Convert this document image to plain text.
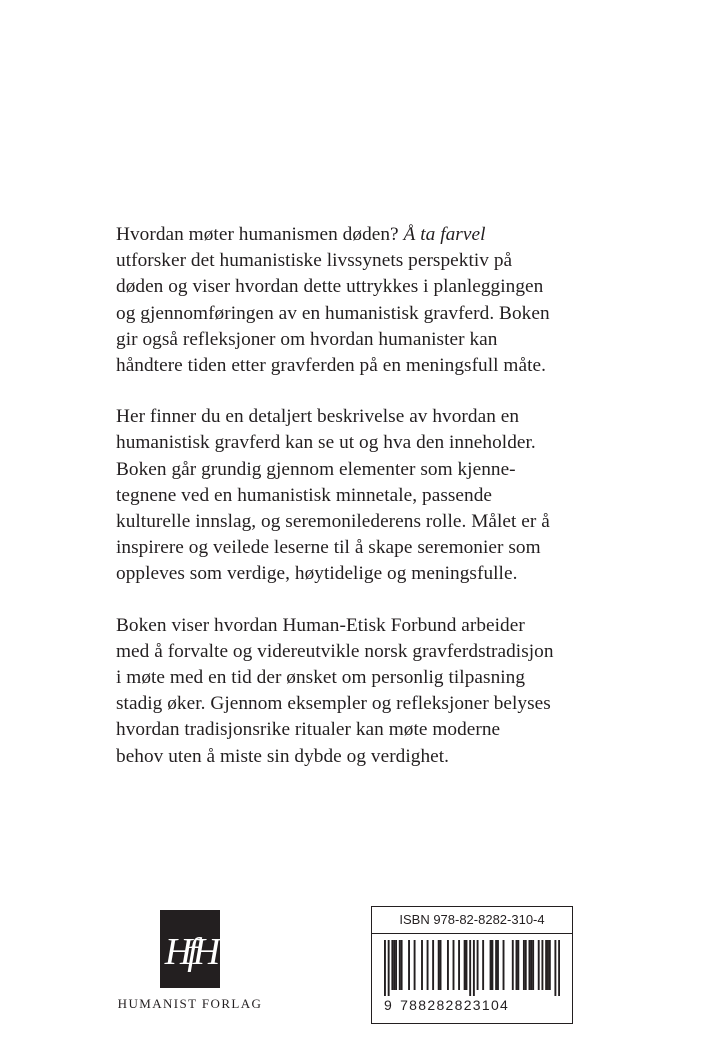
Hvordan møter humanismen døden? Å ta farvel
utforsker det humanistiske livssynets perspektiv på
døden og viser hvordan dette uttrykkes i planleggingen
og gjennomføringen av en humanistisk gravferd. Boken
gir også refleksjoner om hvordan humanister kan
håndtere tiden etter gravferden på en meningsfull måte.

Her finner du en detaljert beskrivelse av hvordan en
humanistisk gravferd kan se ut og hva den inneholder.
Boken går grundig gjennom elementer som kjenne-
tegnene ved en humanistisk minnetale, passende
kulturelle innslag, og seremonilederens rolle. Målet er å
inspirere og veilede leserne til å skape seremonier som
oppleves som verdige, høytidelige og meningsfulle.

Boken viser hvordan Human-Etisk Forbund arbeider
med å forvalte og videreutvikle norsk gravferdstradisjon
i møte med en tid der ønsket om personlig tilpasning
stadig øker. Gjennom eksempler og refleksjoner belyses
hvordan tradisjonsrike ritualer kan møte moderne
behov uten å miste sin dybde og verdighet.

HfH
HUMANIST FORLAG
ISBN 978-82-8282-310-4
9 788282823104
